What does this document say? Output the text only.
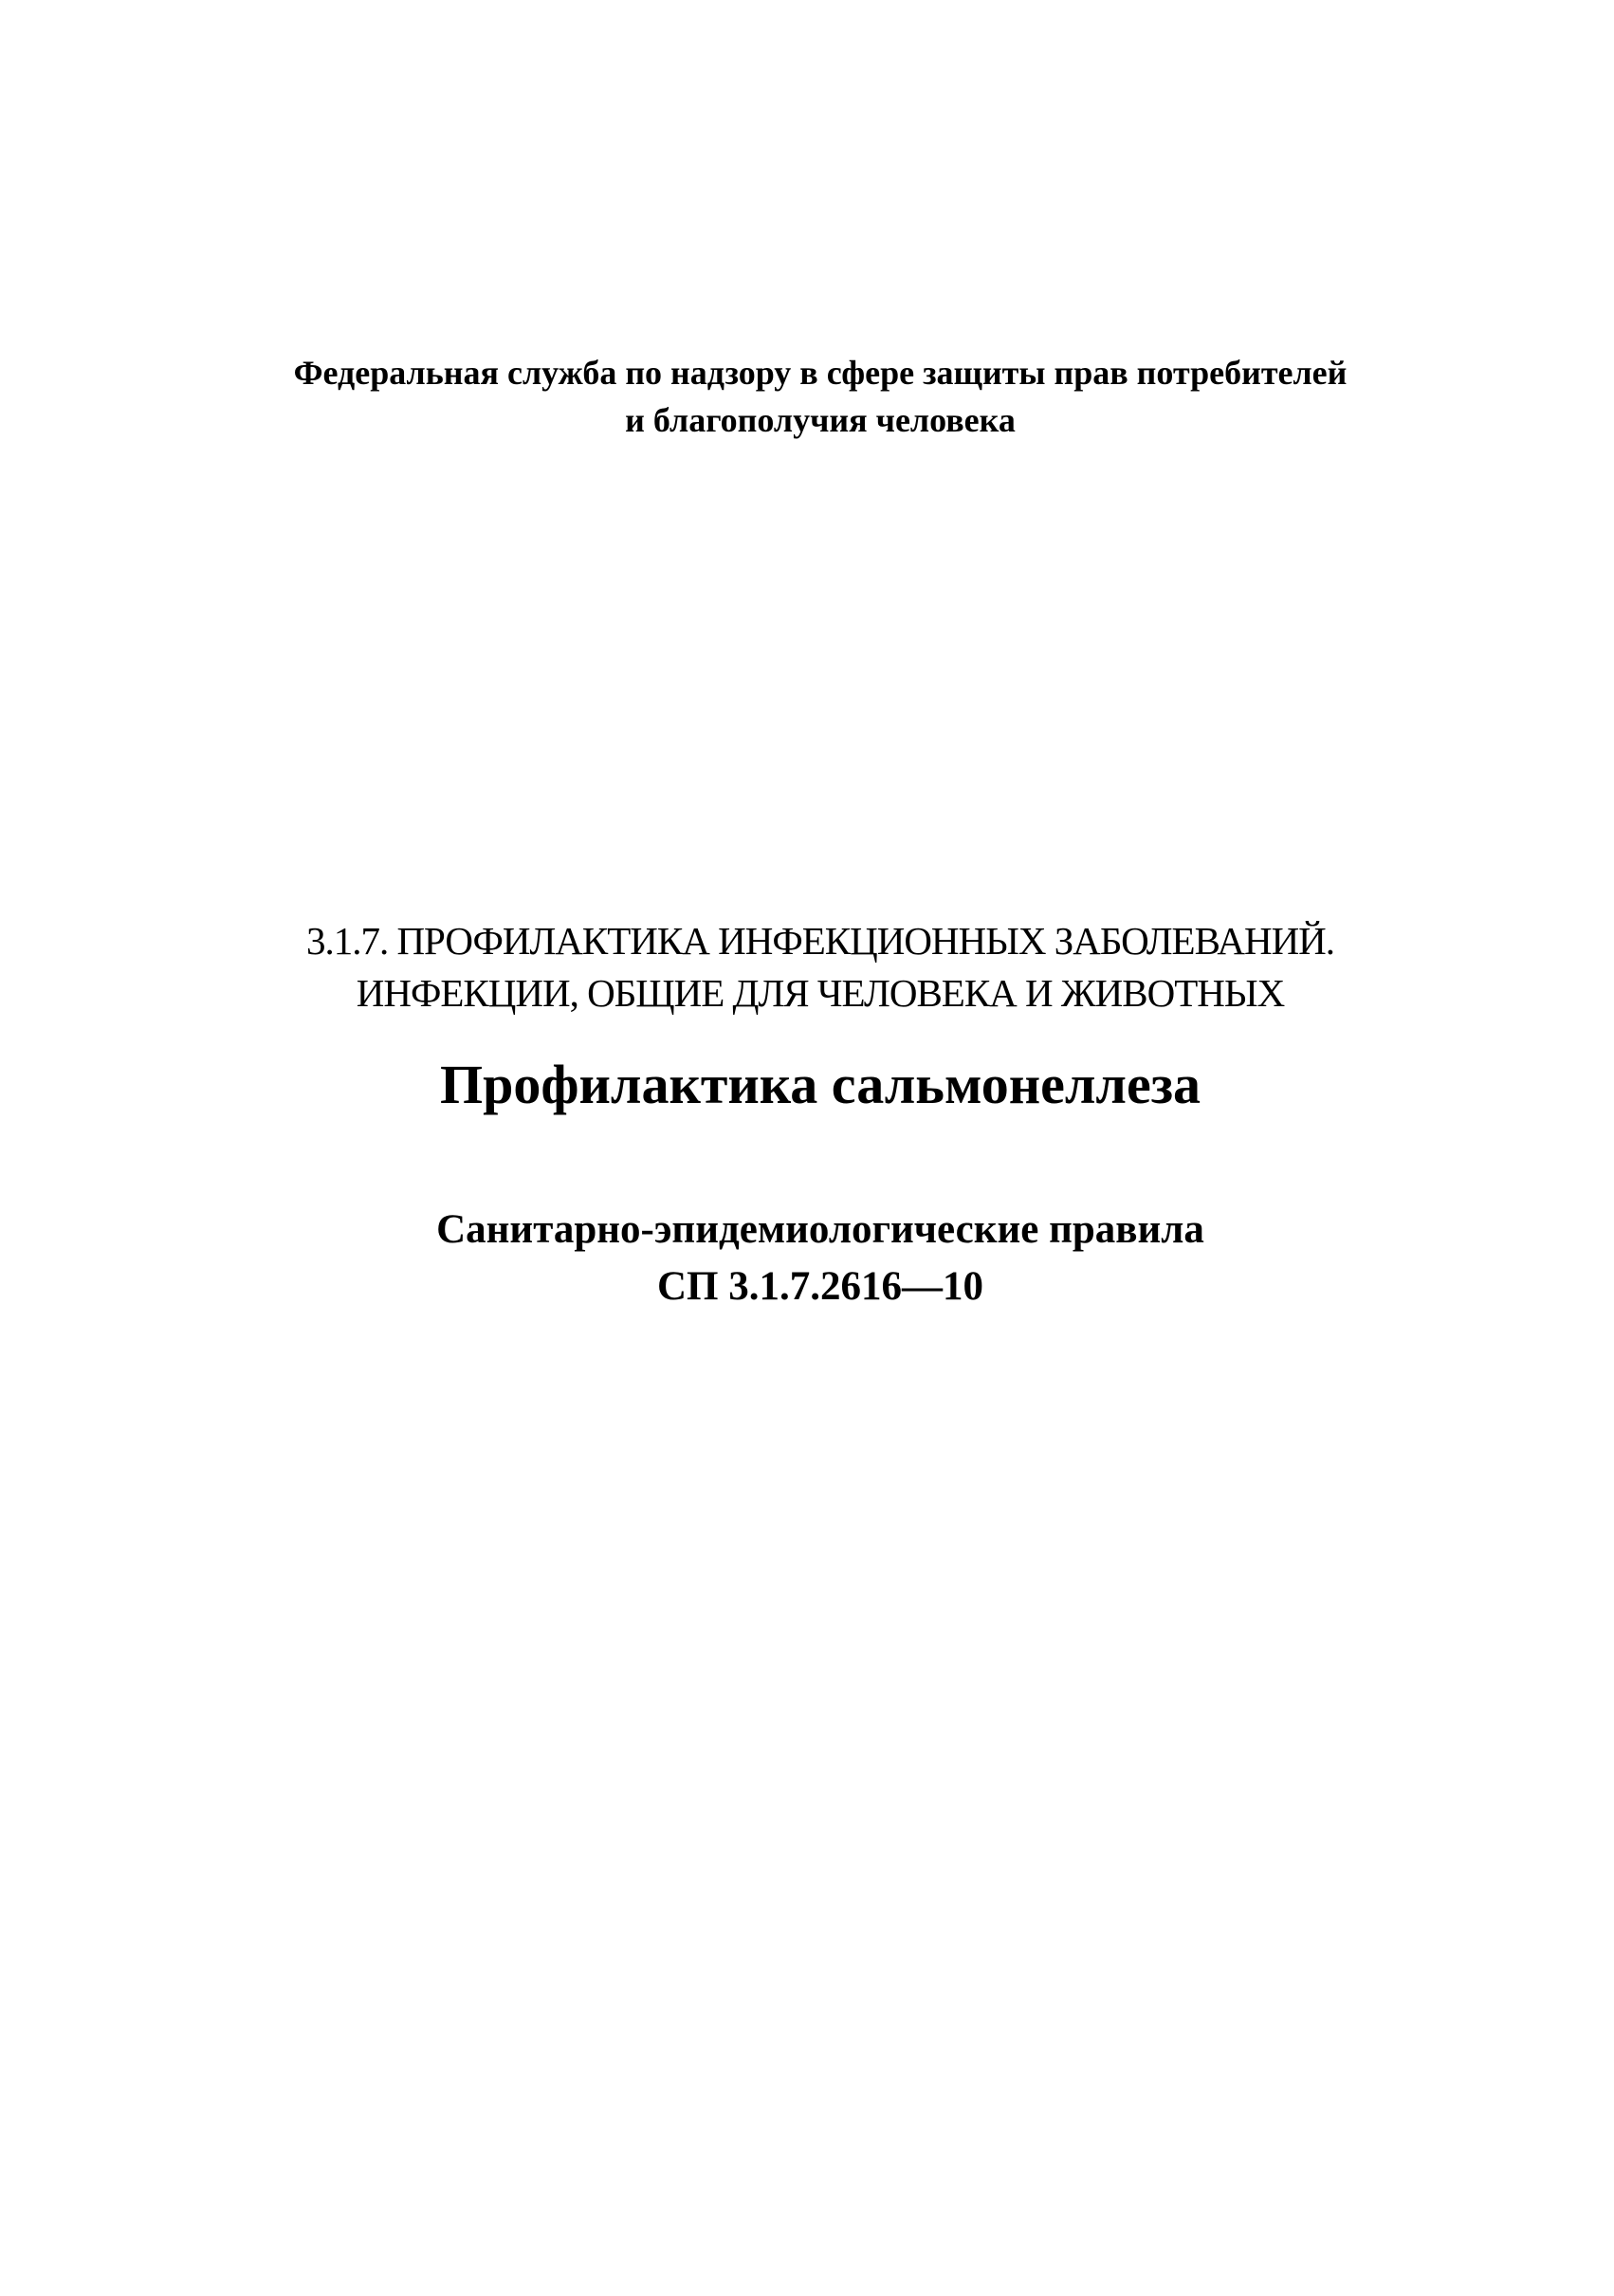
Федеральная служба по надзору в сфере защиты прав потребителей
и благополучия человека
3.1.7. ПРОФИЛАКТИКА ИНФЕКЦИОННЫХ ЗАБОЛЕВАНИЙ.
ИНФЕКЦИИ, ОБЩИЕ ДЛЯ ЧЕЛОВЕКА И ЖИВОТНЫХ
Профилактика сальмонеллеза
Санитарно-эпидемиологические правила
СП 3.1.7.2616—10
